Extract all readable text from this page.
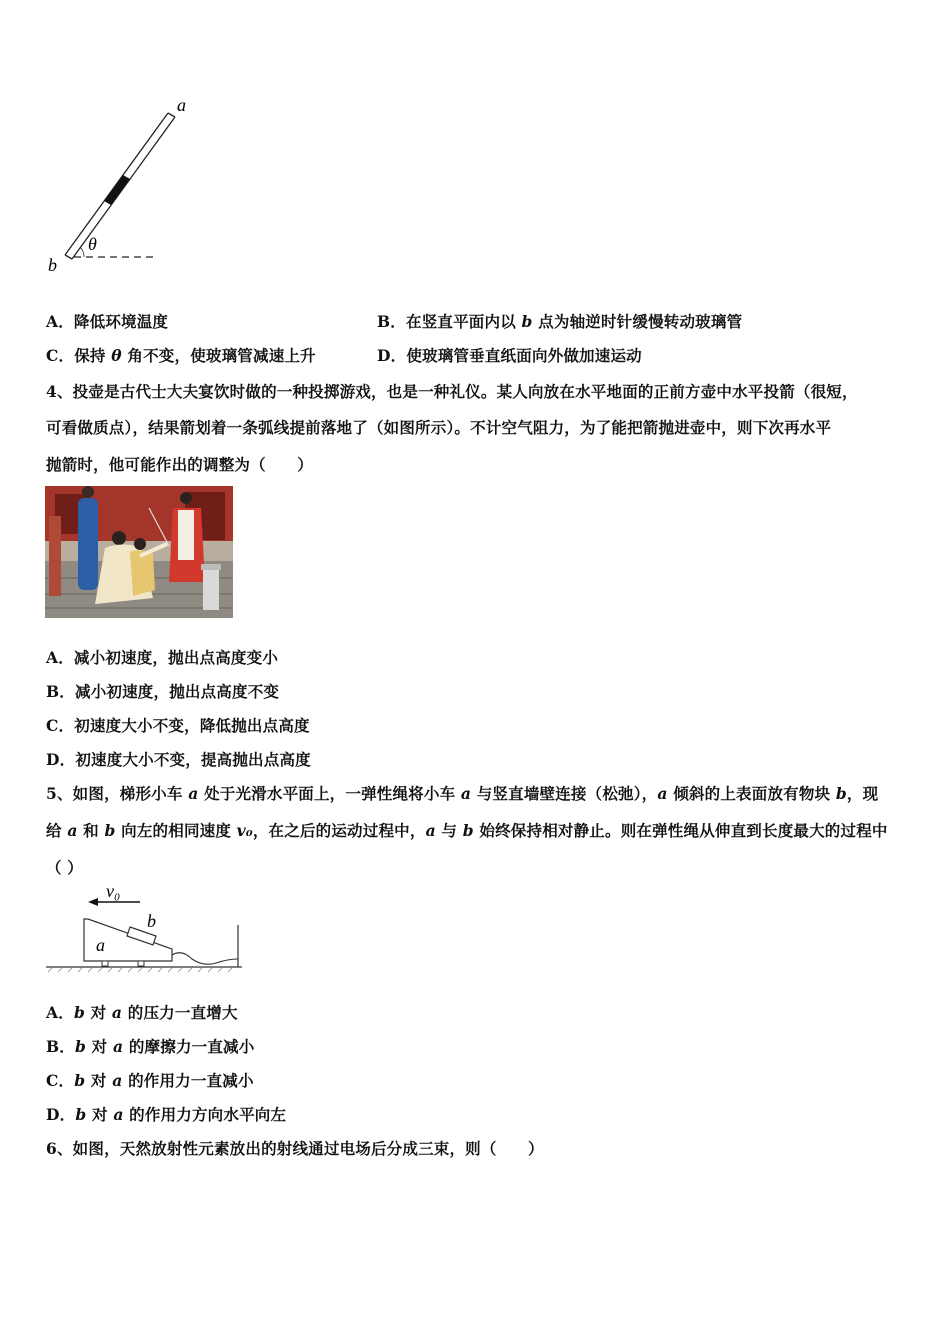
a
b
θ
A．降低环境温度	B．在竖直平面内以 b 点为轴逆时针缓慢转动玻璃管
C．保持 θ 角不变，使玻璃管减速上升	D．使玻璃管垂直纸面向外做加速运动
4、投壶是古代士大夫宴饮时做的一种投掷游戏，也是一种礼仪。某人向放在水平地面的正前方壶中水平投箭（很短，
可看做质点），结果箭划着一条弧线提前落地了（如图所示）。不计空气阻力，为了能把箭抛进壶中，则下次再水平
抛箭时，他可能作出的调整为（　　）
A．减小初速度，抛出点高度变小
B．减小初速度，抛出点高度不变
C．初速度大小不变，降低抛出点高度
D．初速度大小不变，提高抛出点高度
5、如图，梯形小车 a 处于光滑水平面上，一弹性绳将小车 a 与竖直墙壁连接（松弛），a 倾斜的上表面放有物块 b，现
给 a 和 b 向左的相同速度 v₀，在之后的运动过程中，a 与 b 始终保持相对静止。则在弹性绳从伸直到长度最大的过程中
（ ）
v₀
a
b
A．b 对 a 的压力一直增大
B．b 对 a 的摩擦力一直减小
C．b 对 a 的作用力一直减小
D．b 对 a 的作用力方向水平向左
6、如图，天然放射性元素放出的射线通过电场后分成三束，则（　　）
